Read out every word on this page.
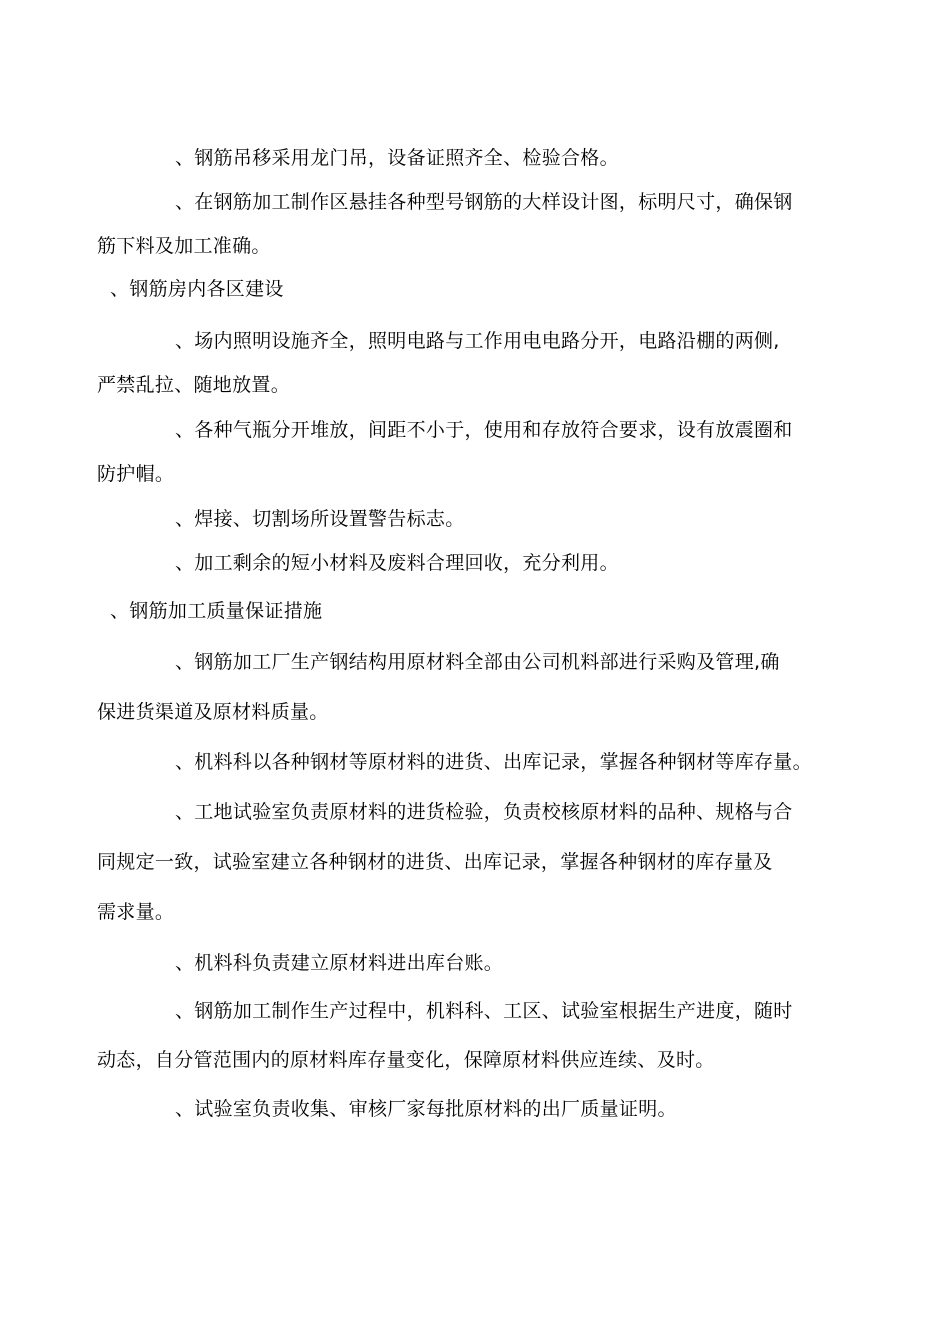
、钢筋吊移采用龙门吊，设备证照齐全、检验合格。
、在钢筋加工制作区悬挂各种型号钢筋的大样设计图，标明尺寸，确保钢
筋下料及加工准确。
、钢筋房内各区建设
、场内照明设施齐全，照明电路与工作用电电路分开，电路沿棚的两侧,
严禁乱拉、随地放置。
、各种气瓶分开堆放，间距不小于，使用和存放符合要求，设有放震圈和
防护帽。
、焊接、切割场所设置警告标志。
、加工剩余的短小材料及废料合理回收，充分利用。
、钢筋加工质量保证措施
、钢筋加工厂生产钢结构用原材料全部由公司机料部进行采购及管理,确
保进货渠道及原材料质量。
、机料科以各种钢材等原材料的进货、出库记录，掌握各种钢材等库存量。
、工地试验室负责原材料的进货检验，负责校核原材料的品种、规格与合
同规定一致，试验室建立各种钢材的进货、出库记录，掌握各种钢材的库存量及
需求量。
、机料科负责建立原材料进出库台账。
、钢筋加工制作生产过程中，机料科、工区、试验室根据生产进度，随时
动态，自分管范围内的原材料库存量变化，保障原材料供应连续、及时。
、试验室负责收集、审核厂家每批原材料的出厂质量证明。
